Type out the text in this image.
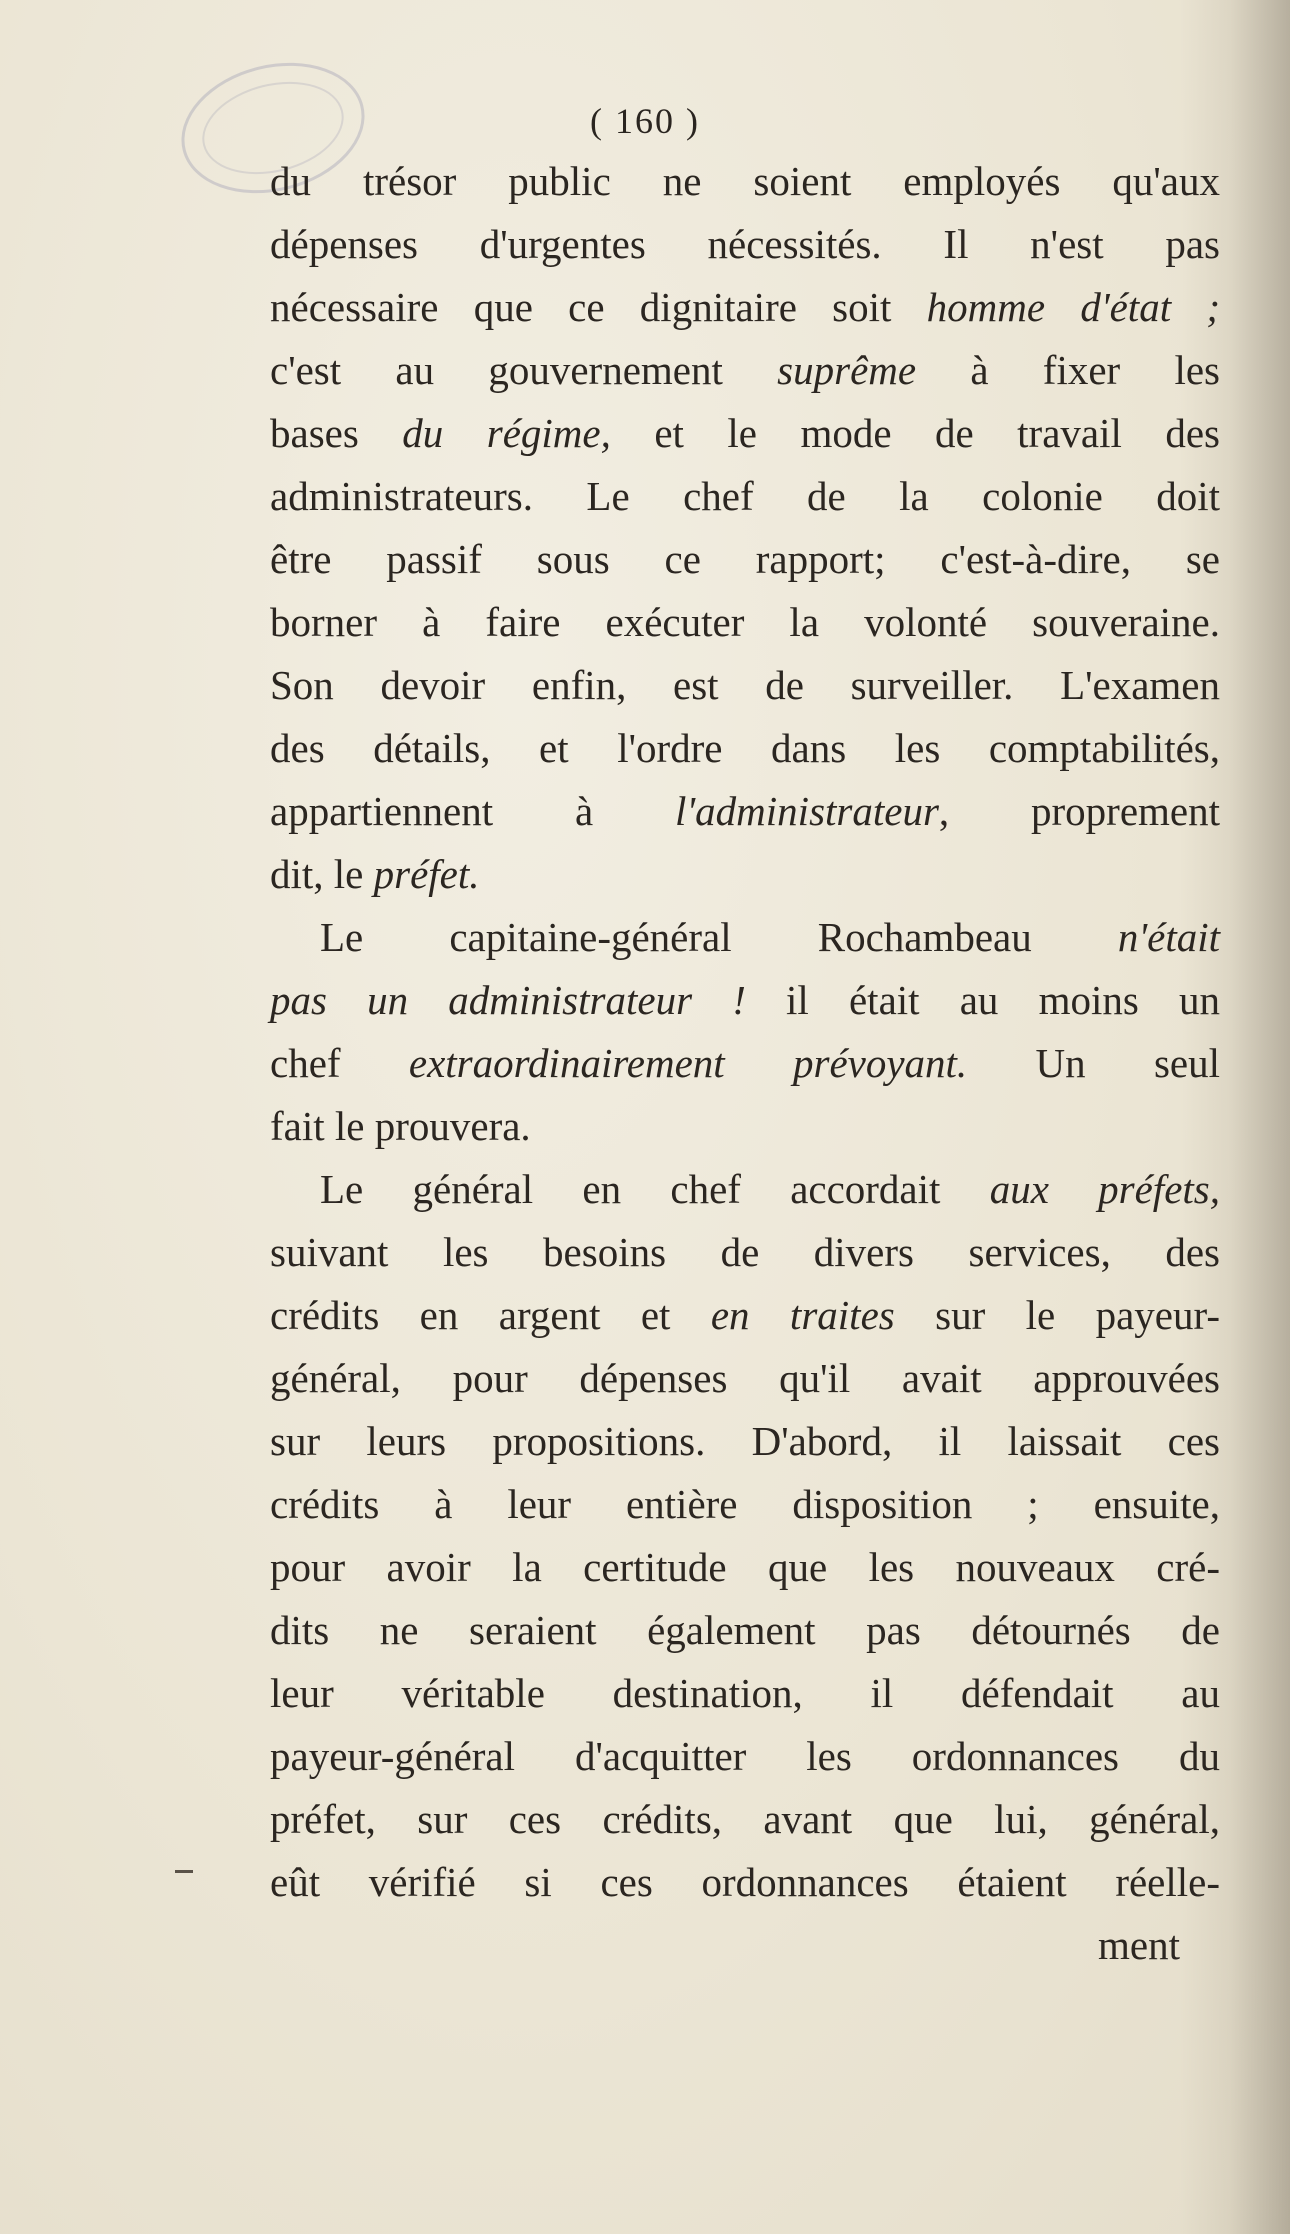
( 160 )
du trésor public ne soient employés qu'aux
dépenses d'urgentes nécessités. Il n'est pas
nécessaire que ce dignitaire soit homme d'état ;
c'est au gouvernement suprême à fixer les
bases du régime, et le mode de travail des
administrateurs. Le chef de la colonie doit
être passif sous ce rapport; c'est-à-dire, se
borner à faire exécuter la volonté souveraine.
Son devoir enfin, est de surveiller. L'examen
des détails, et l'ordre dans les comptabilités,
appartiennent à l'administrateur, proprement
dit, le préfet.
Le capitaine-général Rochambeau n'était
pas un administrateur ! il était au moins un
chef extraordinairement prévoyant. Un seul
fait le prouvera.
Le général en chef accordait aux préfets,
suivant les besoins de divers services, des
crédits en argent et en traites sur le payeur-
général, pour dépenses qu'il avait approuvées
sur leurs propositions. D'abord, il laissait ces
crédits à leur entière disposition ; ensuite,
pour avoir la certitude que les nouveaux cré-
dits ne seraient également pas détournés de
leur véritable destination, il défendait au
payeur-général d'acquitter les ordonnances du
préfet, sur ces crédits, avant que lui, général,
eût vérifié si ces ordonnances étaient réelle-
ment
